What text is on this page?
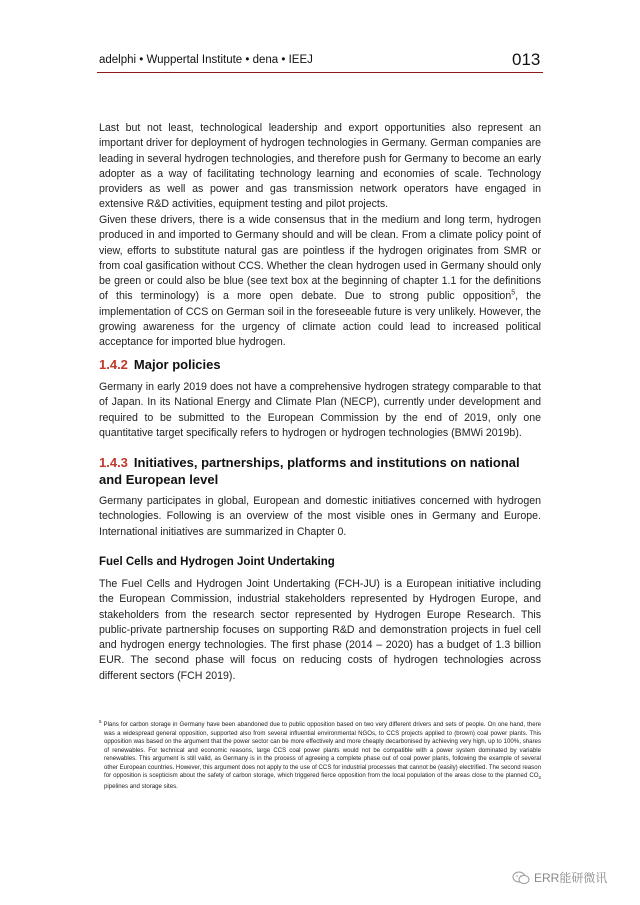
adelphi • Wuppertal Institute • dena • IEEJ	013
Last but not least, technological leadership and export opportunities also represent an important driver for deployment of hydrogen technologies in Germany. German companies are leading in several hydrogen technologies, and therefore push for Germany to become an early adopter as a way of facilitating technology learning and economies of scale. Technology providers as well as power and gas transmission network operators have engaged in extensive R&D activities, equipment testing and pilot projects.
Given these drivers, there is a wide consensus that in the medium and long term, hydrogen produced in and imported to Germany should and will be clean. From a climate policy point of view, efforts to substitute natural gas are pointless if the hydrogen originates from SMR or from coal gasification without CCS. Whether the clean hydrogen used in Germany should only be green or could also be blue (see text box at the beginning of chapter 1.1 for the definitions of this terminology) is a more open debate. Due to strong public opposition$^5$, the implementation of CCS on German soil in the foreseeable future is very unlikely. However, the growing awareness for the urgency of climate action could lead to increased political acceptance for imported blue hydrogen.
1.4.2 Major policies
Germany in early 2019 does not have a comprehensive hydrogen strategy comparable to that of Japan. In its National Energy and Climate Plan (NECP), currently under development and required to be submitted to the European Commission by the end of 2019, only one quantitative target specifically refers to hydrogen or hydrogen technologies (BMWi 2019b).
1.4.3 Initiatives, partnerships, platforms and institutions on national and European level
Germany participates in global, European and domestic initiatives concerned with hydrogen technologies. Following is an overview of the most visible ones in Germany and Europe. International initiatives are summarized in Chapter 0.
Fuel Cells and Hydrogen Joint Undertaking
The Fuel Cells and Hydrogen Joint Undertaking (FCH-JU) is a European initiative including the European Commission, industrial stakeholders represented by Hydrogen Europe, and stakeholders from the research sector represented by Hydrogen Europe Research. This public-private partnership focuses on supporting R&D and demonstration projects in fuel cell and hydrogen energy technologies. The first phase (2014 – 2020) has a budget of 1.3 billion EUR. The second phase will focus on reducing costs of hydrogen technologies across different sectors (FCH 2019).
$^5$ Plans for carbon storage in Germany have been abandoned due to public opposition based on two very different drivers and sets of people. On one hand, there was a widespread general opposition, supported also from several influential environmental NGOs, to CCS projects applied to (brown) coal power plants. This opposition was based on the argument that the power sector can be more effectively and more cheaply decarbonised by achieving very high, up to 100%, shares of renewables. For technical and economic reasons, large CCS coal power plants would not be compatible with a power system dominated by variable renewables. This argument is still valid, as Germany is in the process of agreeing a complete phase out of coal power plants, following the example of several other European countries. However, this argument does not apply to the use of CCS for industrial processes that cannot be (easily) electrified. The second reason for opposition is scepticism about the safety of carbon storage, which triggered fierce opposition from the local population of the areas close to the planned $CO_2$ pipelines and storage sites.
ERR能研微讯
